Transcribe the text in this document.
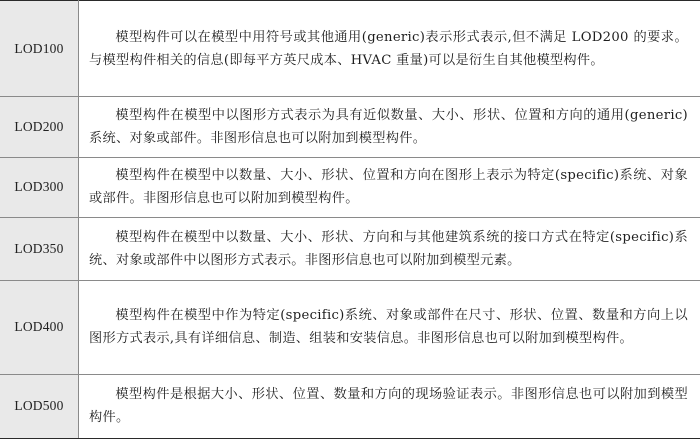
LOD100	模型构件可以在模型中用符号或其他通用(generic)表示形式表示,但不满足 LOD200 的要求。与模型构件相关的信息(即每平方英尺成本、HVAC 重量)可以是衍生自其他模型构件。
LOD200	模型构件在模型中以图形方式表示为具有近似数量、大小、形状、位置和方向的通用(generic)系统、对象或部件。非图形信息也可以附加到模型构件。
LOD300	模型构件在模型中以数量、大小、形状、位置和方向在图形上表示为特定(specific)系统、对象或部件。非图形信息也可以附加到模型构件。
LOD350	模型构件在模型中以数量、大小、形状、方向和与其他建筑系统的接口方式在特定(specific)系统、对象或部件中以图形方式表示。非图形信息也可以附加到模型元素。
LOD400	模型构件在模型中作为特定(specific)系统、对象或部件在尺寸、形状、位置、数量和方向上以图形方式表示,具有详细信息、制造、组装和安装信息。非图形信息也可以附加到模型构件。
LOD500	模型构件是根据大小、形状、位置、数量和方向的现场验证表示。非图形信息也可以附加到模型构件。
